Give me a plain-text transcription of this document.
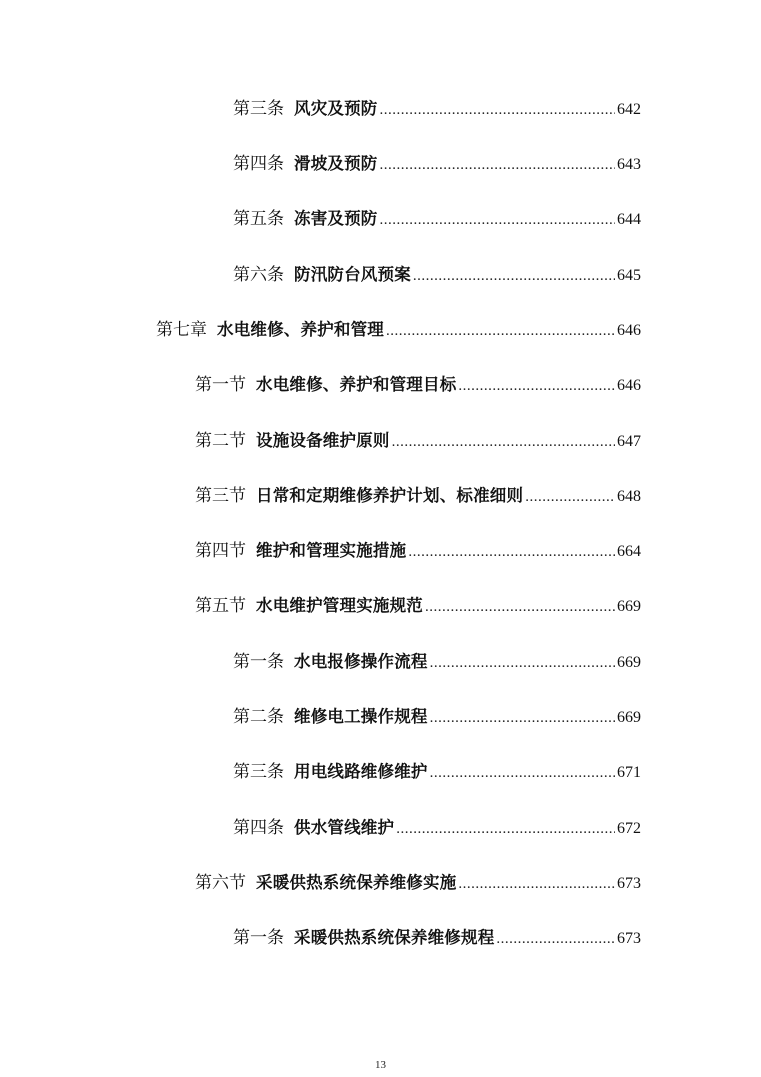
第三条 风灾及预防 .....	642
第四条 滑坡及预防 .....	643
第五条 冻害及预防 .....	644
第六条 防汛防台风预案 .....	645
第七章 水电维修、养护和管理 .....	646
第一节 水电维修、养护和管理目标 .....	646
第二节 设施设备维护原则 .....	647
第三节 日常和定期维修养护计划、标准细则 .....	648
第四节 维护和管理实施措施 .....	664
第五节 水电维护管理实施规范 .....	669
第一条 水电报修操作流程 .....	669
第二条 维修电工操作规程 .....	669
第三条 用电线路维修维护 .....	671
第四条 供水管线维护 .....	672
第六节 采暖供热系统保养维修实施 .....	673
第一条 采暖供热系统保养维修规程 .....	673
13
